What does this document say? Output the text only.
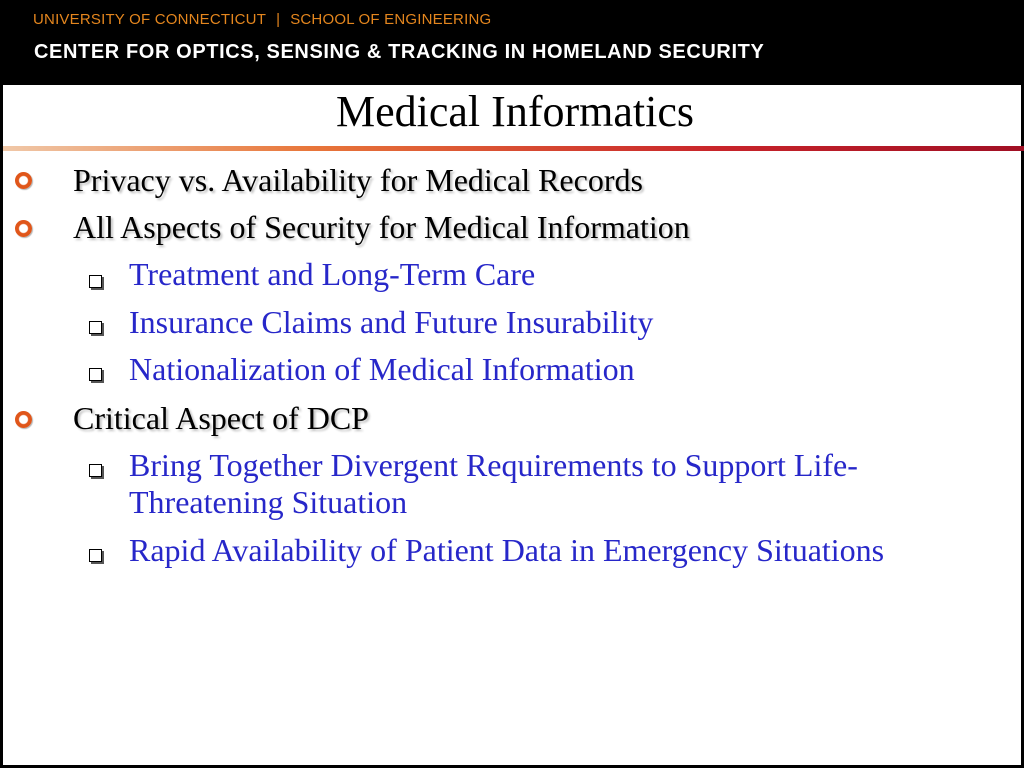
UNIVERSITY OF CONNECTICUT | SCHOOL OF ENGINEERING
CENTER FOR OPTICS, SENSING & TRACKING IN HOMELAND SECURITY
Medical Informatics
Privacy vs. Availability for Medical Records
All Aspects of Security for Medical Information
Treatment and Long-Term Care
Insurance Claims and Future Insurability
Nationalization of Medical Information
Critical Aspect of DCP
Bring Together Divergent Requirements to Support Life-Threatening Situation
Rapid Availability of Patient Data in Emergency Situations
